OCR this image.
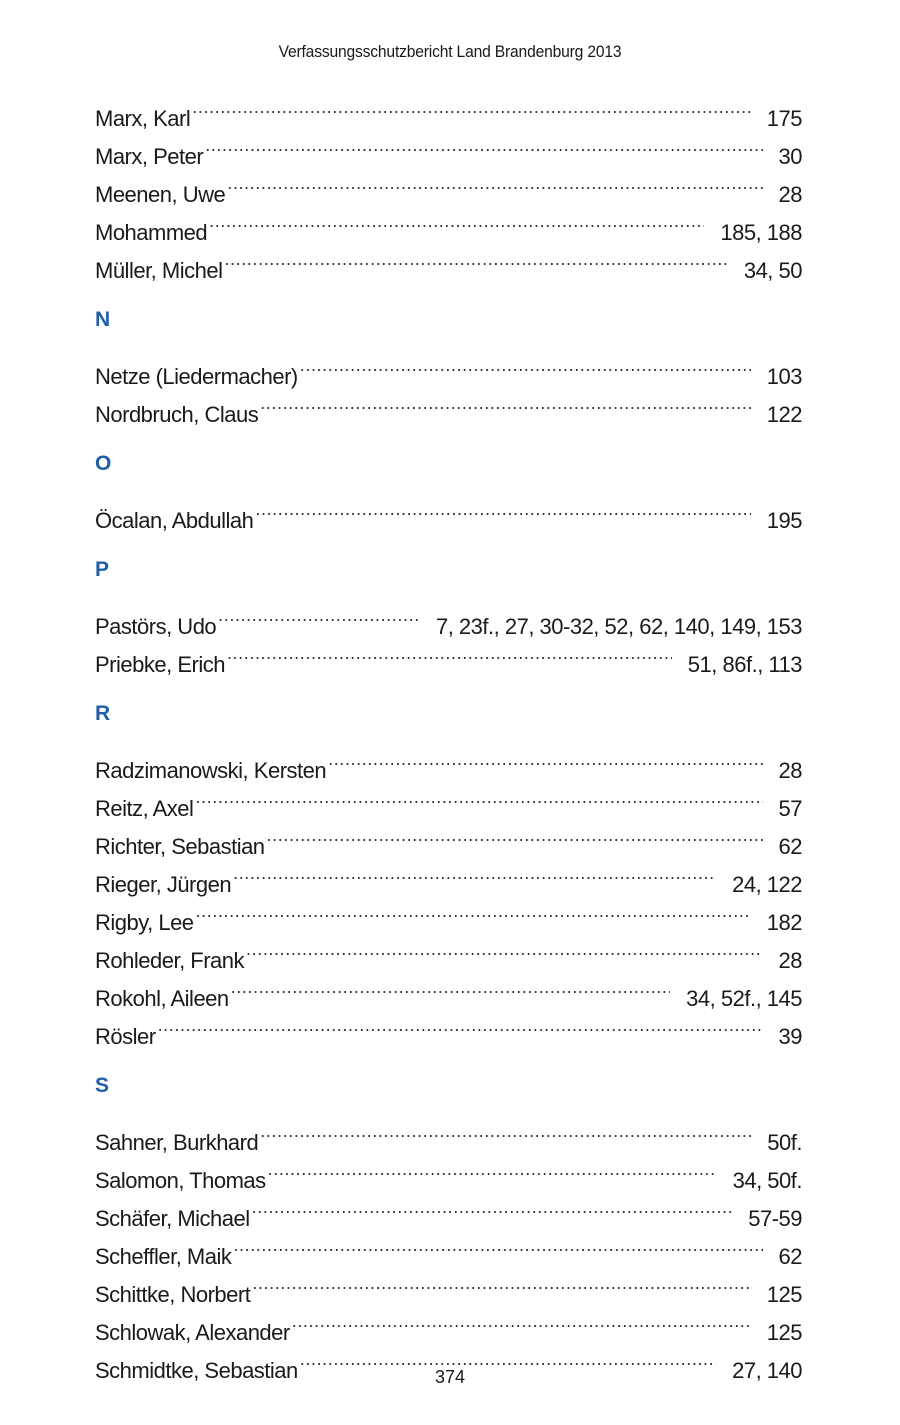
Verfassungsschutzbericht Land Brandenburg 2013
Marx, Karl .....	175
Marx, Peter .....	30
Meenen, Uwe .....	28
Mohammed .....	185, 188
Müller, Michel .....	34, 50
N
Netze (Liedermacher) .....	103
Nordbruch, Claus .....	122
O
Öcalan, Abdullah .....	195
P
Pastörs, Udo .....	7, 23f., 27, 30-32, 52, 62, 140, 149, 153
Priebke, Erich .....	51, 86f., 113
R
Radzimanowski, Kersten .....	28
Reitz, Axel .....	57
Richter, Sebastian .....	62
Rieger, Jürgen .....	24, 122
Rigby, Lee .....	182
Rohleder, Frank .....	28
Rokohl, Aileen .....	34, 52f., 145
Rösler .....	39
S
Sahner, Burkhard .....	50f.
Salomon, Thomas .....	34, 50f.
Schäfer, Michael .....	57-59
Scheffler, Maik .....	62
Schittke, Norbert .....	125
Schlowak, Alexander .....	125
Schmidtke, Sebastian .....	27, 140
374
